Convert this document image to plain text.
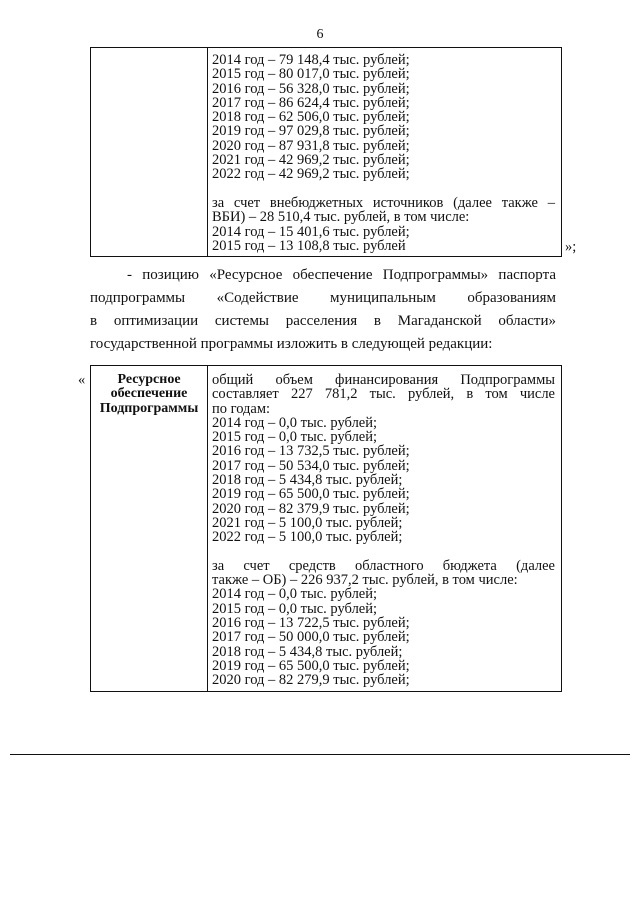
6
2014 год – 79 148,4 тыс. рублей;
2015 год – 80 017,0 тыс. рублей;
2016 год – 56 328,0 тыс. рублей;
2017 год – 86 624,4 тыс. рублей;
2018 год – 62 506,0 тыс. рублей;
2019 год – 97 029,8 тыс. рублей;
2020 год – 87 931,8 тыс. рублей;
2021 год – 42 969,2 тыс. рублей;
2022 год – 42 969,2 тыс. рублей;
за счет внебюджетных источников (далее также –
ВБИ) – 28 510,4 тыс. рублей, в том числе:
2014 год – 15 401,6 тыс. рублей;
2015 год – 13 108,8 тыс. рублей	»;
- позицию «Ресурсное обеспечение Подпрограммы» паспорта
подпрограммы «Содействие муниципальным образованиям
в оптимизации системы расселения в Магаданской области»
государственной программы изложить в следующей редакции:
«	Ресурсное
обеспечение
Подпрограммы
общий объем финансирования Подпрограммы
составляет 227 781,2 тыс. рублей, в том числе
по годам:
2014 год – 0,0 тыс. рублей;
2015 год – 0,0 тыс. рублей;
2016 год – 13 732,5 тыс. рублей;
2017 год – 50 534,0 тыс. рублей;
2018 год – 5 434,8 тыс. рублей;
2019 год – 65 500,0 тыс. рублей;
2020 год – 82 379,9 тыс. рублей;
2021 год – 5 100,0 тыс. рублей;
2022 год – 5 100,0 тыс. рублей;
за счет средств областного бюджета (далее
также – ОБ) – 226 937,2 тыс. рублей, в том числе:
2014 год – 0,0 тыс. рублей;
2015 год – 0,0 тыс. рублей;
2016 год – 13 722,5 тыс. рублей;
2017 год – 50 000,0 тыс. рублей;
2018 год – 5 434,8 тыс. рублей;
2019 год – 65 500,0 тыс. рублей;
2020 год – 82 279,9 тыс. рублей;
